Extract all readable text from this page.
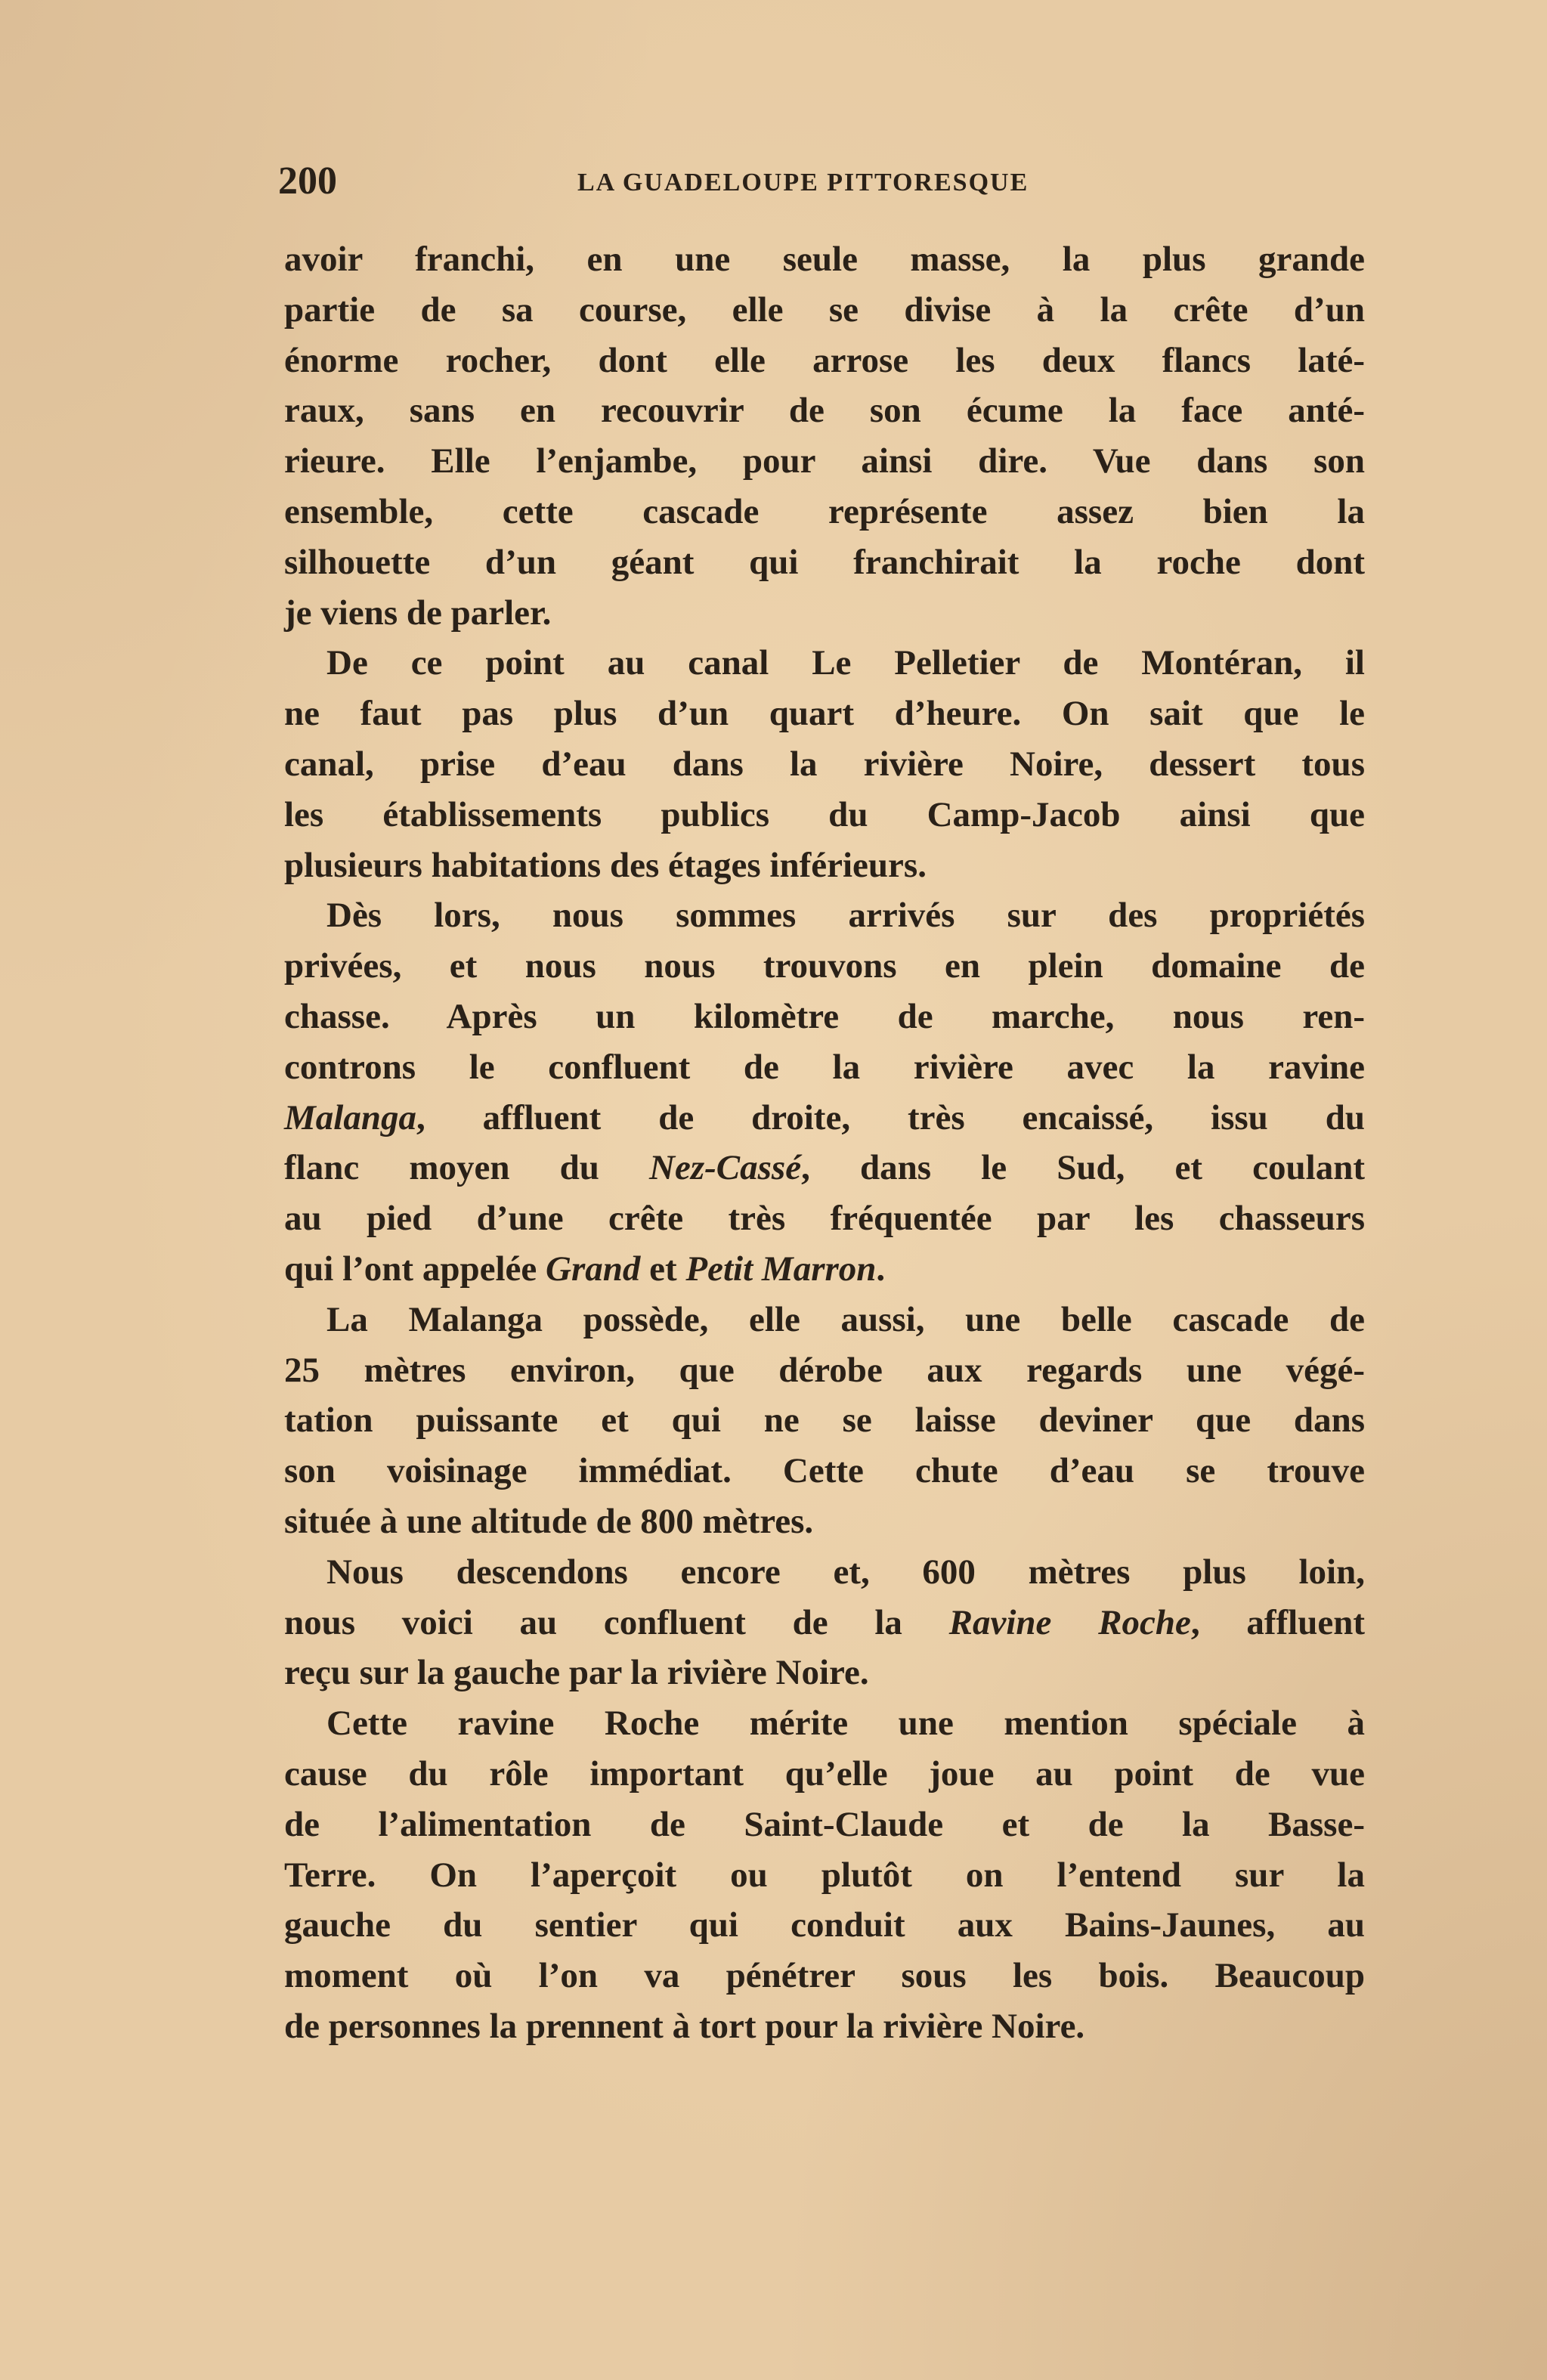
200	LA GUADELOUPE PITTORESQUE
avoir franchi, en une seule masse, la plus grande
partie de sa course, elle se divise à la crête d’un
énorme rocher, dont elle arrose les deux flancs laté-
raux, sans en recouvrir de son écume la face anté-
rieure. Elle l’enjambe, pour ainsi dire. Vue dans son
ensemble, cette cascade représente assez bien la
silhouette d’un géant qui franchirait la roche dont
je viens de parler.
De ce point au canal Le Pelletier de Montéran, il
ne faut pas plus d’un quart d’heure. On sait que le
canal, prise d’eau dans la rivière Noire, dessert tous
les établissements publics du Camp-Jacob ainsi que
plusieurs habitations des étages inférieurs.
Dès lors, nous sommes arrivés sur des propriétés
privées, et nous nous trouvons en plein domaine de
chasse. Après un kilomètre de marche, nous ren-
controns le confluent de la rivière avec la ravine
Malanga, affluent de droite, très encaissé, issu du
flanc moyen du Nez-Cassé, dans le Sud, et coulant
au pied d’une crête très fréquentée par les chasseurs
qui l’ont appelée Grand et Petit Marron.
La Malanga possède, elle aussi, une belle cascade de
25 mètres environ, que dérobe aux regards une végé-
tation puissante et qui ne se laisse deviner que dans
son voisinage immédiat. Cette chute d’eau se trouve
située à une altitude de 800 mètres.
Nous descendons encore et, 600 mètres plus loin,
nous voici au confluent de la Ravine Roche, affluent
reçu sur la gauche par la rivière Noire.
Cette ravine Roche mérite une mention spéciale à
cause du rôle important qu’elle joue au point de vue
de l’alimentation de Saint-Claude et de la Basse-
Terre. On l’aperçoit ou plutôt on l’entend sur la
gauche du sentier qui conduit aux Bains-Jaunes, au
moment où l’on va pénétrer sous les bois. Beaucoup
de personnes la prennent à tort pour la rivière Noire.
